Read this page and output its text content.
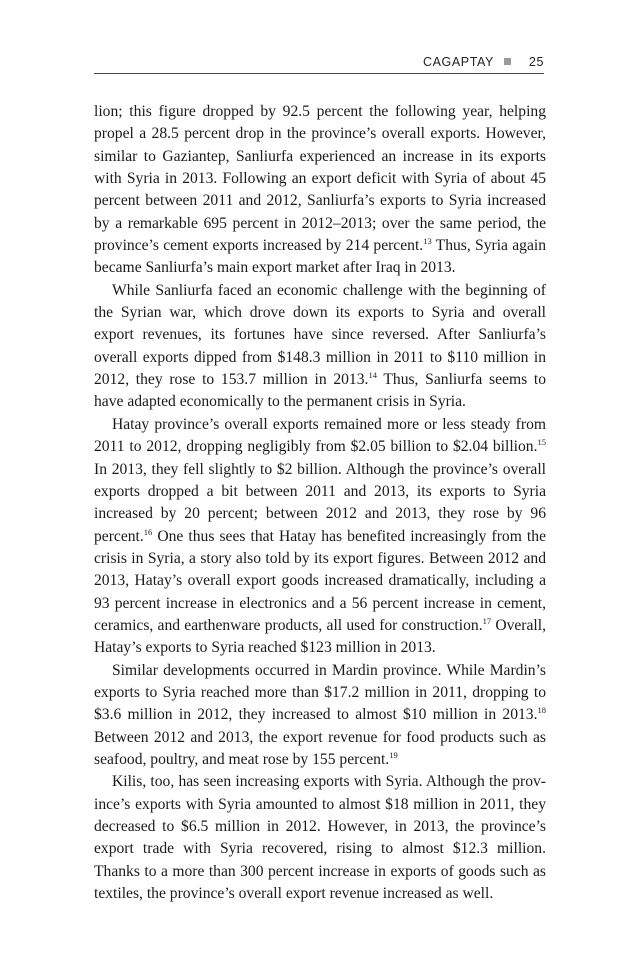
CAGAPTAY	25

lion; this figure dropped by 92.5 percent the following year, helping propel a 28.5 percent drop in the province’s overall exports. However, similar to Gaziantep, Sanliurfa experienced an increase in its exports with Syria in 2013. Following an export deficit with Syria of about 45 percent between 2011 and 2012, Sanliurfa’s exports to Syria increased by a remarkable 695 percent in 2012–2013; over the same period, the province’s cement exports increased by 214 percent.$^{13}$ Thus, Syria again became Sanliurfa’s main export market after Iraq in 2013.

While Sanliurfa faced an economic challenge with the beginning of the Syrian war, which drove down its exports to Syria and overall export revenues, its fortunes have since reversed. After Sanliurfa’s overall exports dipped from $148.3 million in 2011 to $110 million in 2012, they rose to 153.7 million in 2013.14 Thus, Sanliurfa seems to have adapted economically to the permanent crisis in Syria.

Hatay province’s overall exports remained more or less steady from 2011 to 2012, dropping negligibly from $2.05 billion to $2.04 billion.$^{15}$ In 2013, they fell slightly to $2 billion. Although the province’s overall exports dropped a bit between 2011 and 2013, its exports to Syria increased by 20 percent; between 2012 and 2013, they rose by 96 percent.$^{16}$ One thus sees that Hatay has benefited increasingly from the crisis in Syria, a story also told by its export figures. Between 2012 and 2013, Hatay’s overall export goods increased dramatically, including a 93 percent increase in electronics and a 56 percent increase in cement, ceramics, and earthenware products, all used for construction.$^{17}$ Overall, Hatay’s exports to Syria reached $123 million in 2013.

Similar developments occurred in Mardin province. While Mardin’s exports to Syria reached more than $17.2 million in 2011, dropping to $3.6 million in 2012, they increased to almost $10 million in 2013.18 Between 2012 and 2013, the export revenue for food products such as seafood, poultry, and meat rose by 155 percent.$^{19}$

Kilis, too, has seen increasing exports with Syria. Although the province’s exports with Syria amounted to almost $18 million in 2011, they decreased to $6.5 million in 2012. However, in 2013, the province’s export trade with Syria recovered, rising to almost $12.3 million. Thanks to a more than 300 percent increase in exports of goods such as textiles, the province’s overall export revenue increased as well.
